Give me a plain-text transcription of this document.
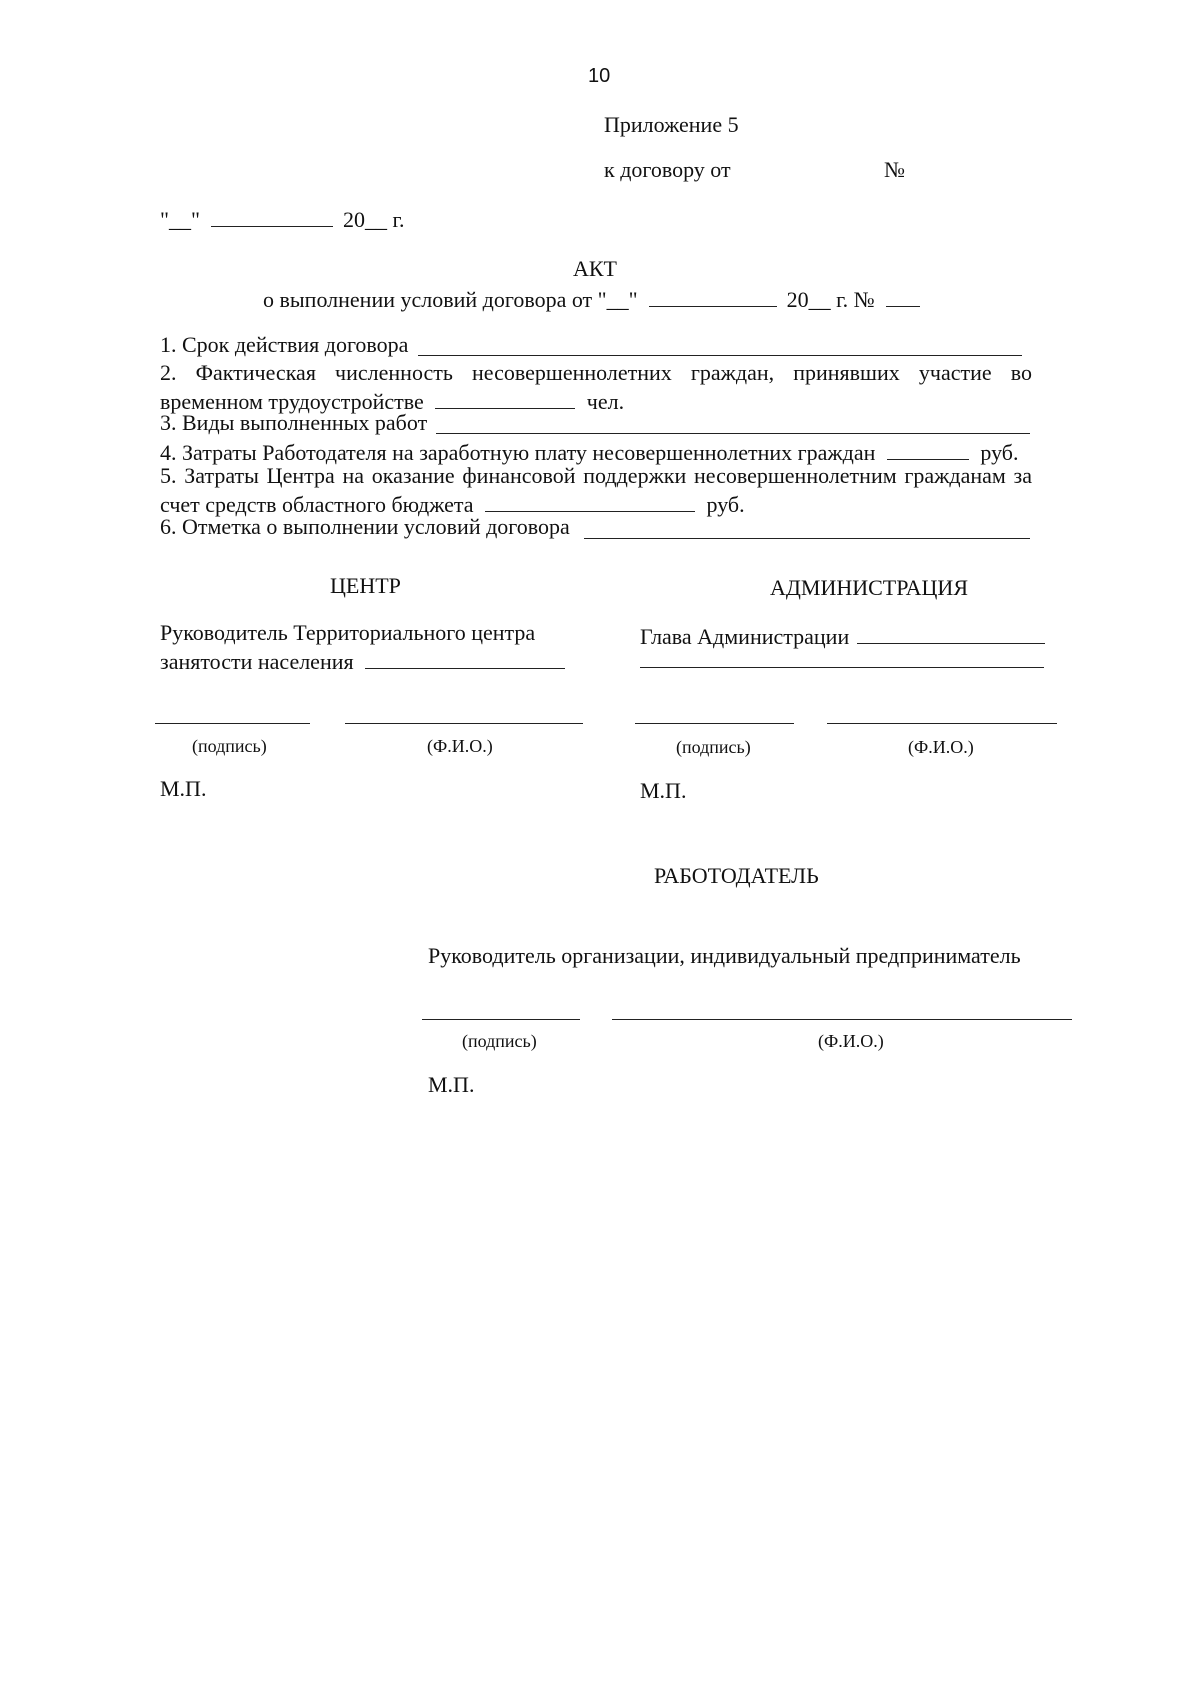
10
Приложение 5
к договору от	№
"__"	20__ г.
АКТ
о выполнении условий договора от "__"	20__ г. №
1. Срок действия договора
2. Фактическая численность несовершеннолетних граждан, принявших участие во
временном трудоустройстве	чел.
3. Виды выполненных работ
4. Затраты Работодателя на заработную плату несовершеннолетних граждан	руб.
5. Затраты Центра на оказание финансовой поддержки несовершеннолетним гражданам за
счет средств областного бюджета	руб.
6. Отметка о выполнении условий договора
ЦЕНТР
Руководитель Территориального центра
занятости населения
(подпись)	(Ф.И.О.)
М.П.
АДМИНИСТРАЦИЯ
Глава Администрации
(подпись)	(Ф.И.О.)
М.П.
РАБОТОДАТЕЛЬ
Руководитель организации, индивидуальный предприниматель
(подпись)	(Ф.И.О.)
М.П.
